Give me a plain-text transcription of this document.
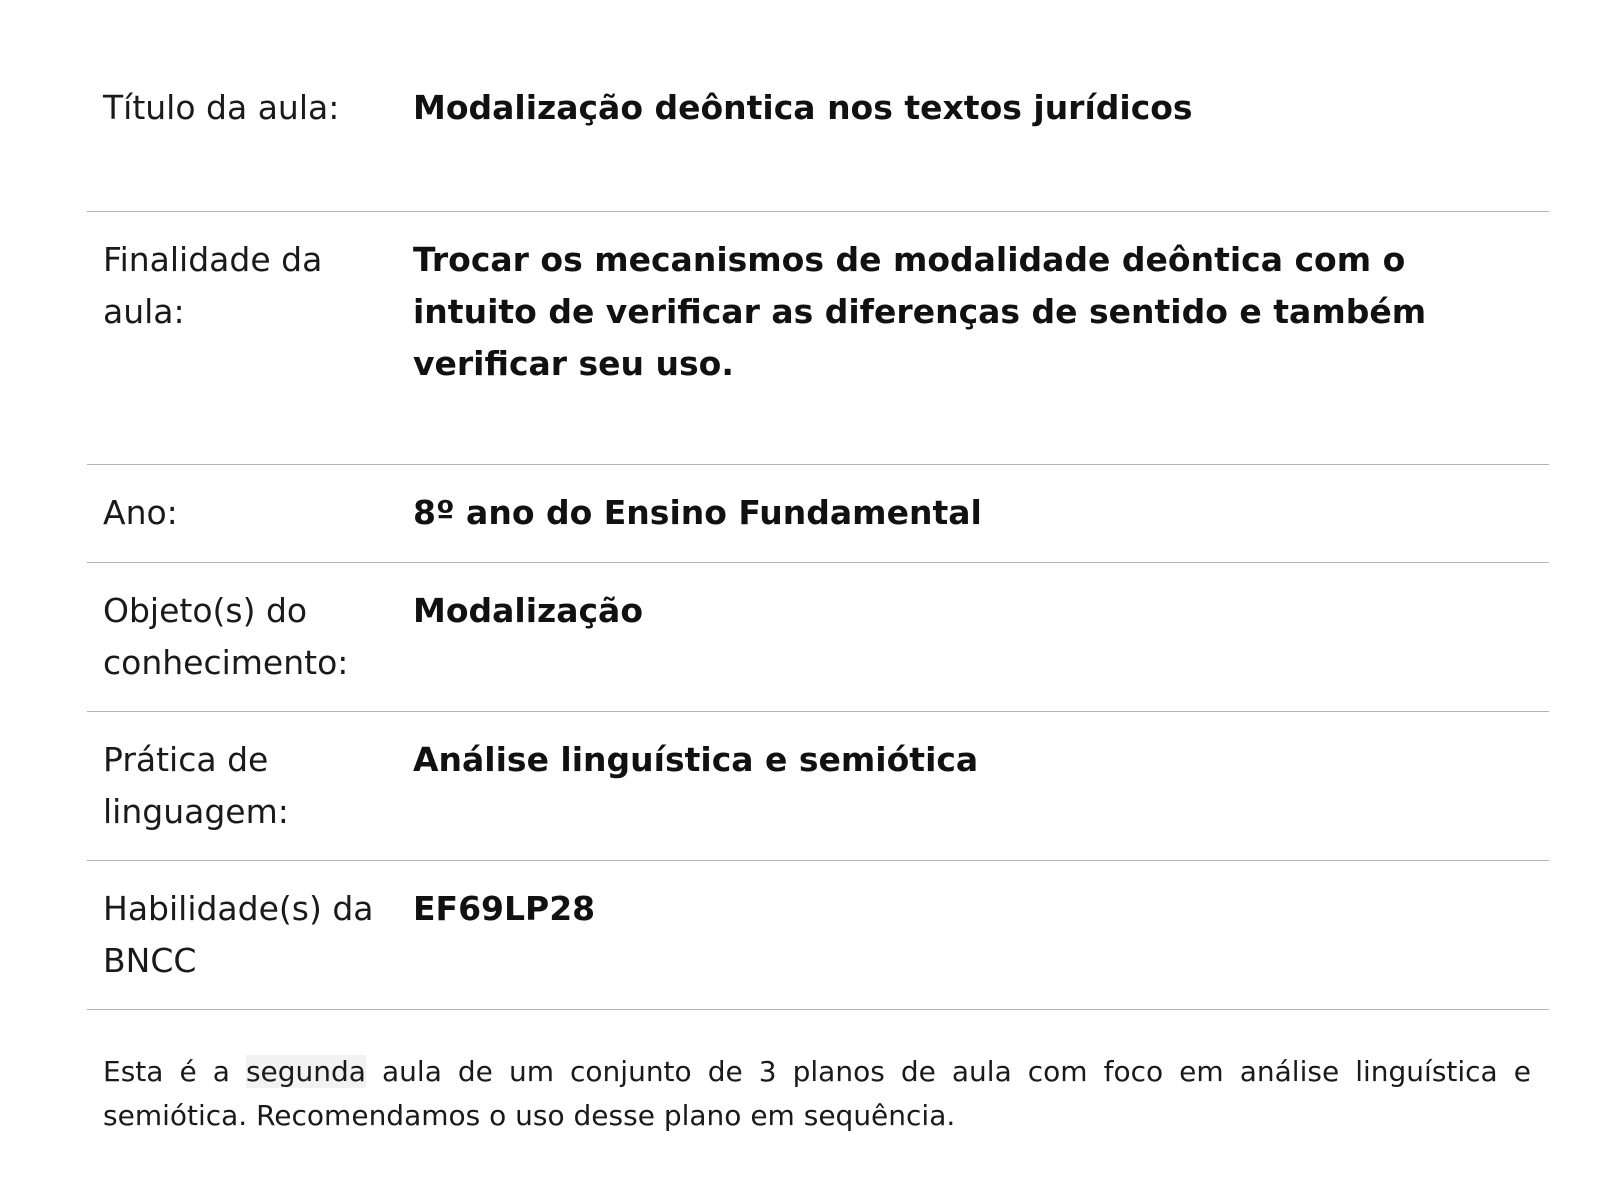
Título da aula:	Modalização deôntica nos textos jurídicos
Finalidade da aula:
Trocar os mecanismos de modalidade deôntica com o intuito de verificar as diferenças de sentido e também verificar seu uso.
Ano:	8º ano do Ensino Fundamental
Objeto(s) do conhecimento:
Modalização
Prática de linguagem:
Análise linguística e semiótica
Habilidade(s) da BNCC
EF69LP28

Esta é a segunda aula de um conjunto de 3 planos de aula com foco em análise linguística e semiótica. Recomendamos o uso desse plano em sequência.
